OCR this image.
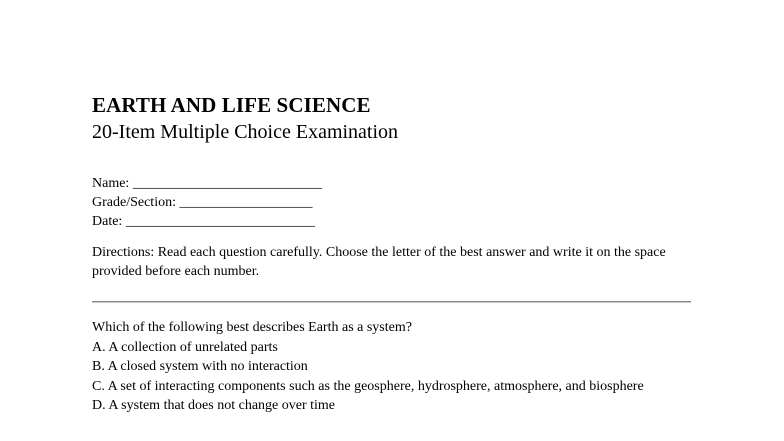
EARTH AND LIFE SCIENCE
20-Item Multiple Choice Examination
Name: ___________________________
Grade/Section: ___________________
Date: ___________________________
Directions: Read each question carefully. Choose the letter of the best answer and write it on the space provided before each number.
Which of the following best describes Earth as a system?
A. A collection of unrelated parts
B. A closed system with no interaction
C. A set of interacting components such as the geosphere, hydrosphere, atmosphere, and biosphere
D. A system that does not change over time
